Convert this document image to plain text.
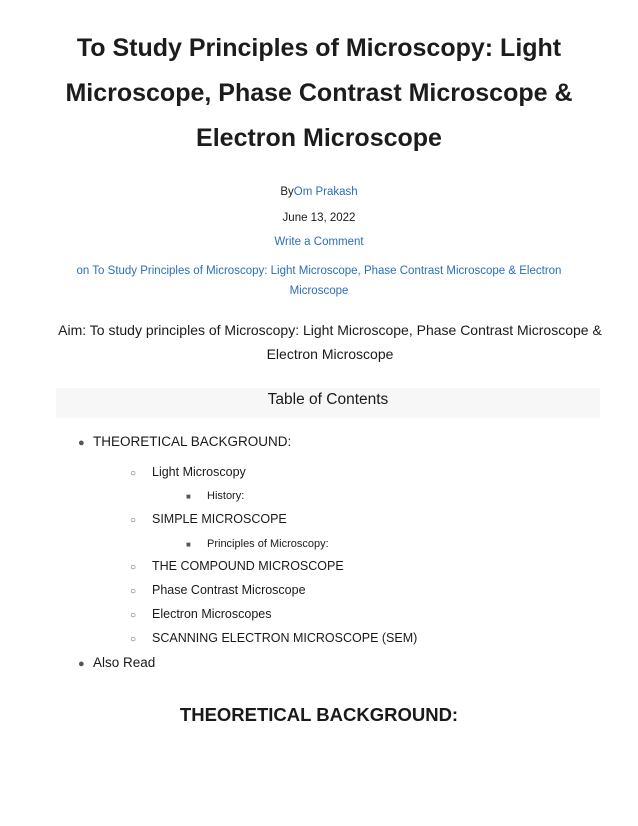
To Study Principles of Microscopy: Light Microscope, Phase Contrast Microscope & Electron Microscope
ByOm Prakash
June 13, 2022
Write a Comment
on To Study Principles of Microscopy: Light Microscope, Phase Contrast Microscope & Electron Microscope

Aim: To study principles of Microscopy: Light Microscope, Phase Contrast Microscope & Electron Microscope

Table of Contents
● THEORETICAL BACKGROUND:
○ Light Microscopy
■ History:
○ SIMPLE MICROSCOPE
■ Principles of Microscopy:
○ THE COMPOUND MICROSCOPE
○ Phase Contrast Microscope
○ Electron Microscopes
○ SCANNING ELECTRON MICROSCOPE (SEM)
● Also Read
THEORETICAL BACKGROUND:
